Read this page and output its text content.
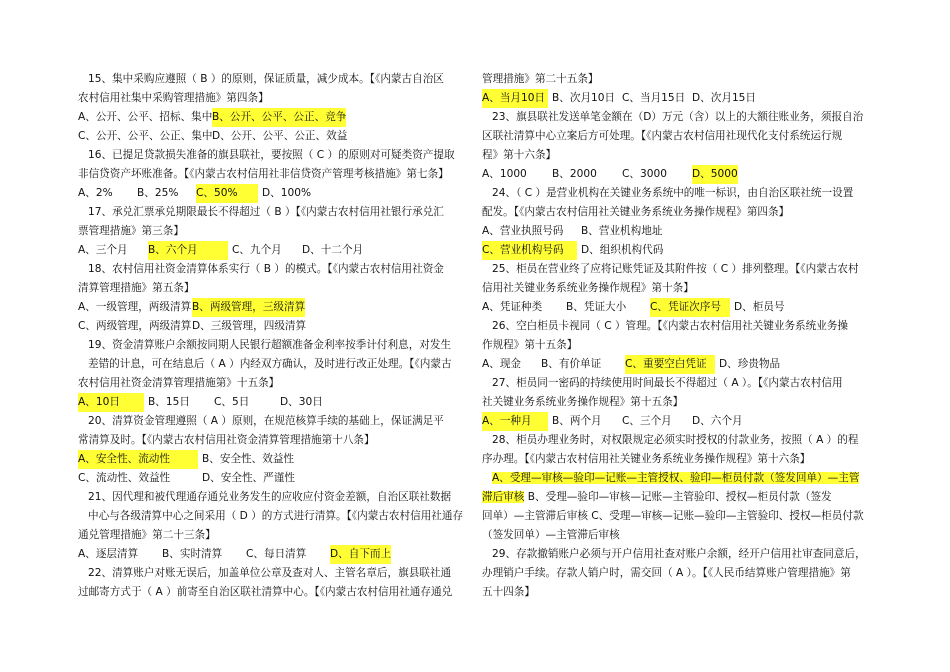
15、集中采购应遵照（ B ）的原则，保证质量，减少成本。【《内蒙古自治区
农村信用社集中采购管理措施》第四条】
A、公开、公平、招标、集中B、公开、公平、公正、竞争
C、公开、公平、公正、集中D、公开、公平、公正、效益
16、已提足贷款损失准备的旗县联社，要按照（ C ）的原则对可疑类资产提取
非信贷资产坏账准备。【《内蒙古农村信用社非信贷资产管理考核措施》第七条】
A、2% B、25% C、50% D、100%
17、承兑汇票承兑期限最长不得超过（ B ）【《内蒙古农村信用社银行承兑汇
票管理措施》第三条】
A、三个月 B、六个月	C、九个月 D、十二个月
18、农村信用社资金清算体系实行（ B ）的模式。【《内蒙古农村信用社资金
清算管理措施》第五条】
A、一级管理，两级清算B、两级管理，三级清算
C、两级管理，两级清算D、三级管理，四级清算
19、资金清算账户余额按同期人民银行超额准备金利率按季计付利息，对发生
差错的计息，可在结息后（ A ）内经双方确认，及时进行改正处理。【《内蒙古
农村信用社资金清算管理措施第》十五条】
A、10日	B、15日 C、5日	D、30日
20、清算资金管理遵照（ A ）原则，在规范核算手续的基础上，保证满足平
常清算及时。【《内蒙古农村信用社资金清算管理措施第十八条】
A、安全性、流动性	B、安全性、效益性
C、流动性、效益性	D、安全性、严谨性
21、因代理和被代理通存通兑业务发生的应收应付资金差额，自治区联社数据
中心与各级清算中心之间采用（ D ）的方式进行清算。【《内蒙古农村信用社通存
通兑管理措施》第二十三条】
A、逐层清算 B、实时清算 C、每日清算 D、自下而上
22、清算账户对账无误后，加盖单位公章及查对人、主管名章后，旗县联社通
过邮寄方式于（ A ）前寄至自治区联社清算中心。【《内蒙古农村信用社通存通兑
管理措施》第二十五条】
A、当月10日 B、次月10日 C、当月15日 D、次月15日
23、旗县联社发送单笔金额在（D）万元（含）以上的大额往账业务，须报自治
区联社清算中心立案后方可处理。【《内蒙古农村信用社现代化支付系统运行规
程》第十六条】
A、1000 B、2000 C、3000 D、5000
24、（ C ）是营业机构在关键业务系统中的唯一标识，由自治区联社统一设置
配发。【《内蒙古农村信用社关键业务系统业务操作规程》第四条】
A、营业执照号码 B、营业机构地址
C、营业机构号码 D、组织机构代码
25、柜员在营业终了应将记账凭证及其附件按（ C ）排列整理。【《内蒙古农村
信用社关键业务系统业务操作规程》第十条】
A、凭证种类 B、凭证大小 C、凭证次序号 D、柜员号
26、空白柜员卡视同（ C ）管理。【《内蒙古农村信用社关键业务系统业务操
作规程》第十五条】
A、现金 B、有价单证 C、重要空白凭证 D、珍贵物品
27、柜员同一密码的持续使用时间最长不得超过（ A ）。【《内蒙古农村信用
社关键业务系统业务操作规程》第十五条】
A、一种月 B、两个月 C、三个月 D、六个月
28、柜员办理业务时，对权限规定必须实时授权的付款业务，按照（ A ）的程
序办理。【《内蒙古农村信用社关键业务系统业务操作规程》第十六条】
A、受理—审核—验印—记账—主管授权、验印—柜员付款（签发回单）—主管
滞后审核 B、受理—验印—审核—记账—主管验印、授权—柜员付款（签发
回单）—主管滞后审核 C、受理—审核—记账—验印—主管验印、授权—柜员付款
（签发回单）—主管滞后审核
29、存款撤销账户必须与开户信用社查对账户余额，经开户信用社审查同意后，
办理销户手续。存款人销户时，需交回（ A ）。【《人民币结算账户管理措施》第
五十四条】
